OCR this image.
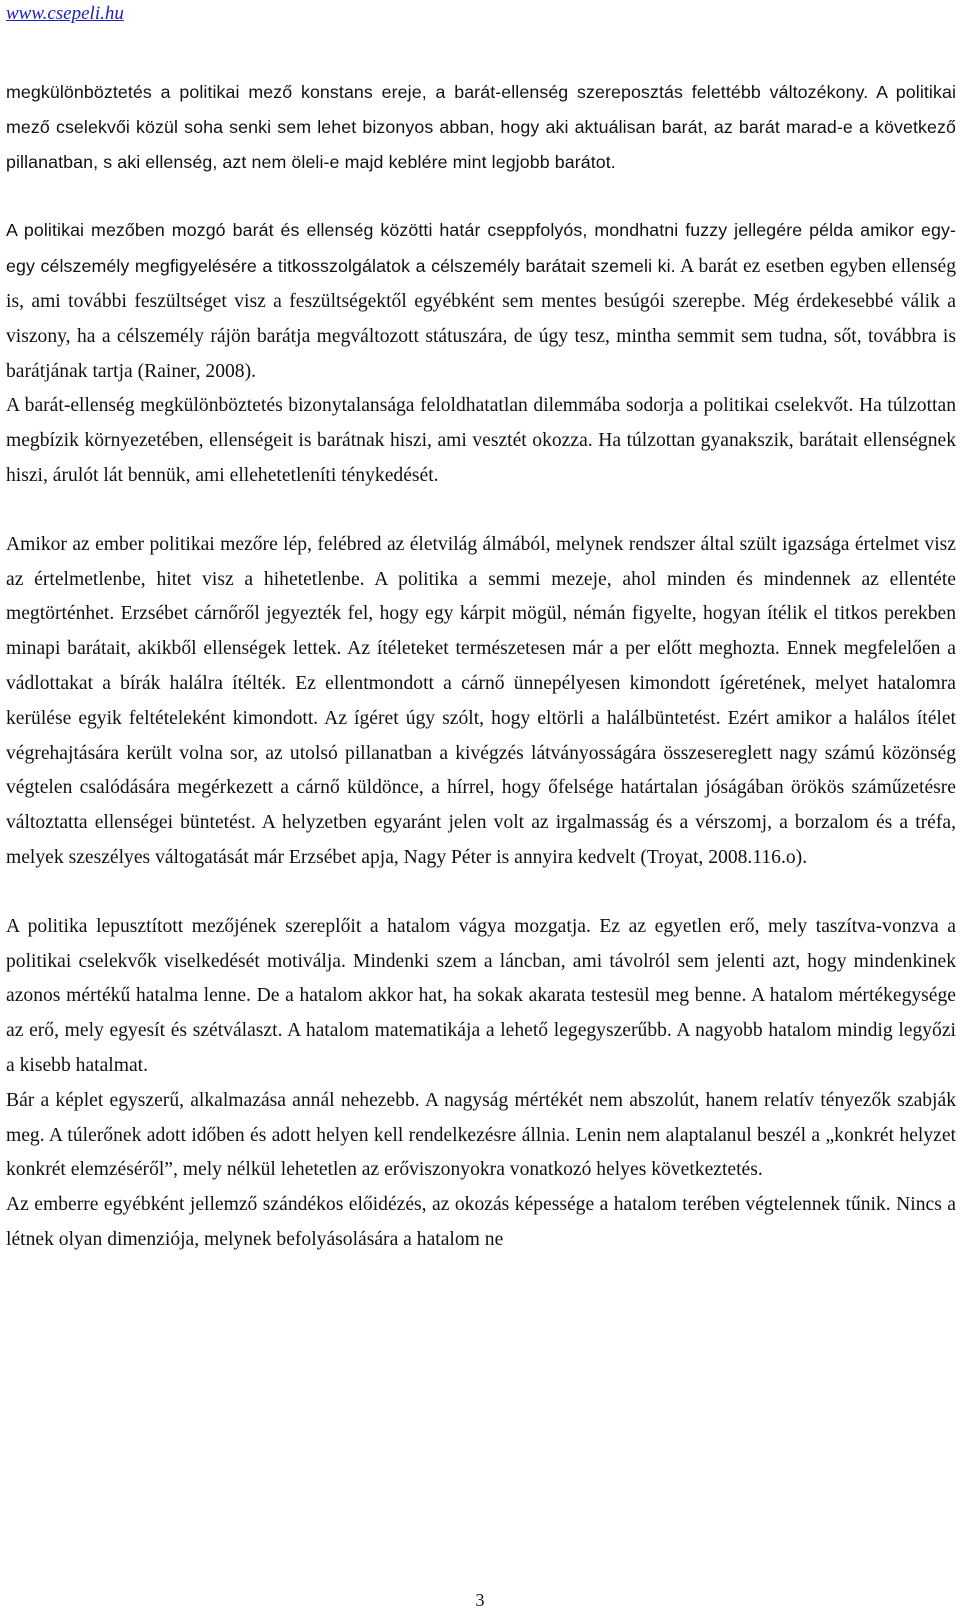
www.csepeli.hu

megkülönböztetés a politikai mező konstans ereje, a barát-ellenség szereposztás felettébb változékony. A politikai mező cselekvői közül soha senki sem lehet bizonyos abban, hogy aki aktuálisan barát, az barát marad-e a következő pillanatban, s aki ellenség, azt nem öleli-e majd keblére mint legjobb barátot.

A politikai mezőben mozgó barát és ellenség közötti határ cseppfolyós, mondhatni fuzzy jellegére példa amikor egy-egy célszemély megfigyelésére a titkosszolgálatok a célszemély barátait szemeli ki. A barát ez esetben egyben ellenség is, ami további feszültséget visz a feszültségektől egyébként sem mentes besúgói szerepbe. Még érdekesebbé válik a viszony, ha a célszemély rájön barátja megváltozott státuszára, de úgy tesz, mintha semmit sem tudna, sőt, továbbra is barátjának tartja (Rainer, 2008).

A barát-ellenség megkülönböztetés bizonytalansága feloldhatatlan dilemmába sodorja a politikai cselekvőt. Ha túlzottan megbízik környezetében, ellenségeit is barátnak hiszi, ami vesztét okozza. Ha túlzottan gyanakszik, barátait ellenségnek hiszi, árulót lát bennük, ami ellehetetleníti ténykedését.

Amikor az ember politikai mezőre lép, felébred az életvilág álmából, melynek rendszer által szült igazsága értelmet visz az értelmetlenbe, hitet visz a hihetetlenbe. A politika a semmi mezeje, ahol minden és mindennek az ellentéte megtörténhet. Erzsébet cárnőről jegyezték fel, hogy egy kárpit mögül, némán figyelte, hogyan ítélik el titkos perekben minapi barátait, akikből ellenségek lettek. Az ítéleteket természetesen már a per előtt meghozta. Ennek megfelelően a vádlottakat a bírák halálra ítélték. Ez ellentmondott a cárnő ünnepélyesen kimondott ígéretének, melyet hatalomra kerülése egyik feltételeként kimondott. Az ígéret úgy szólt, hogy eltörli a halálbüntetést. Ezért amikor a halálos ítélet végrehajtására került volna sor, az utolsó pillanatban a kivégzés látványosságára összesereglett nagy számú közönség végtelen csalódására megérkezett a cárnő küldönce, a hírrel, hogy őfelsége határtalan jóságában örökös száműzetésre változtatta ellenségei büntetést. A helyzetben egyaránt jelen volt az irgalmasság és a vérszomj, a borzalom és a tréfa, melyek szeszélyes váltogatását már Erzsébet apja, Nagy Péter is annyira kedvelt (Troyat, 2008.116.o).

A politika lepusztított mezőjének szereplőit a hatalom vágya mozgatja. Ez az egyetlen erő, mely taszítva-vonzva a politikai cselekvők viselkedését motiválja. Mindenki szem a láncban, ami távolról sem jelenti azt, hogy mindenkinek azonos mértékű hatalma lenne. De a hatalom akkor hat, ha sokak akarata testesül meg benne. A hatalom mértékegysége az erő, mely egyesít és szétválaszt. A hatalom matematikája a lehető legegyszerűbb. A nagyobb hatalom mindig legyőzi a kisebb hatalmat.

Bár a képlet egyszerű, alkalmazása annál nehezebb. A nagyság mértékét nem abszolút, hanem relatív tényezők szabják meg. A túlerőnek adott időben és adott helyen kell rendelkezésre állnia. Lenin nem alaptalanul beszél a „konkrét helyzet konkrét elemzéséről”, mely nélkül lehetetlen az erőviszonyokra vonatkozó helyes következtetés.

Az emberre egyébként jellemző szándékos előidézés, az okozás képessége a hatalom terében végtelennek tűnik. Nincs a létnek olyan dimenziója, melynek befolyásolására a hatalom ne

3
